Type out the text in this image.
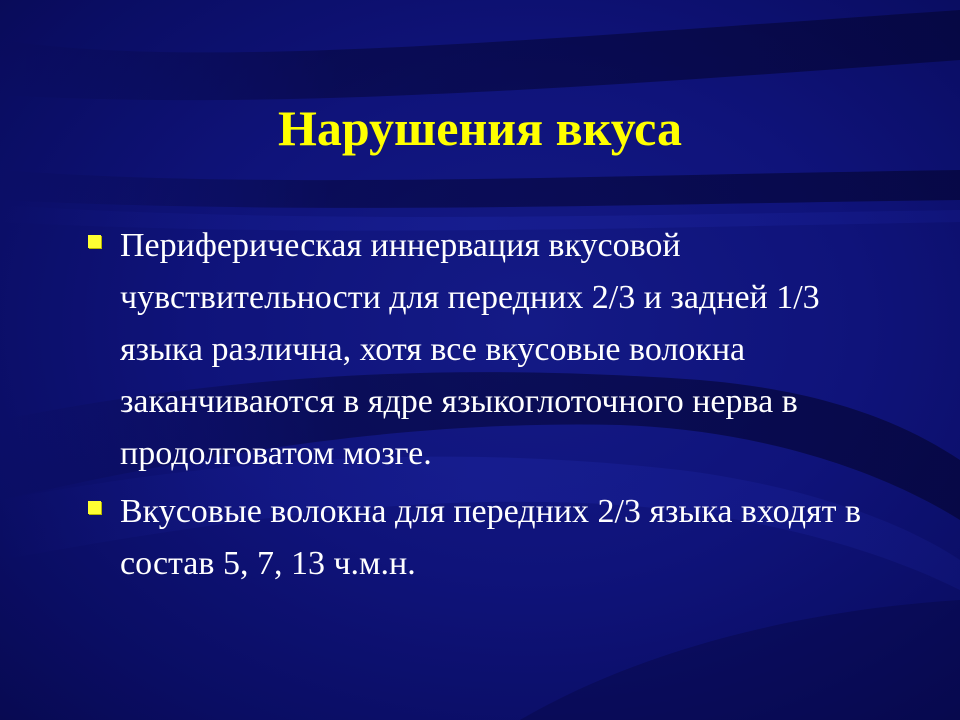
Нарушения вкуса
Периферическая иннервация вкусовой чувствительности для передних 2/3 и задней 1/3 языка различна, хотя все вкусовые волокна заканчиваются в ядре языкоглоточного нерва в продолговатом мозге.
Вкусовые волокна для передних 2/3 языка входят в состав 5, 7, 13 ч.м.н.
